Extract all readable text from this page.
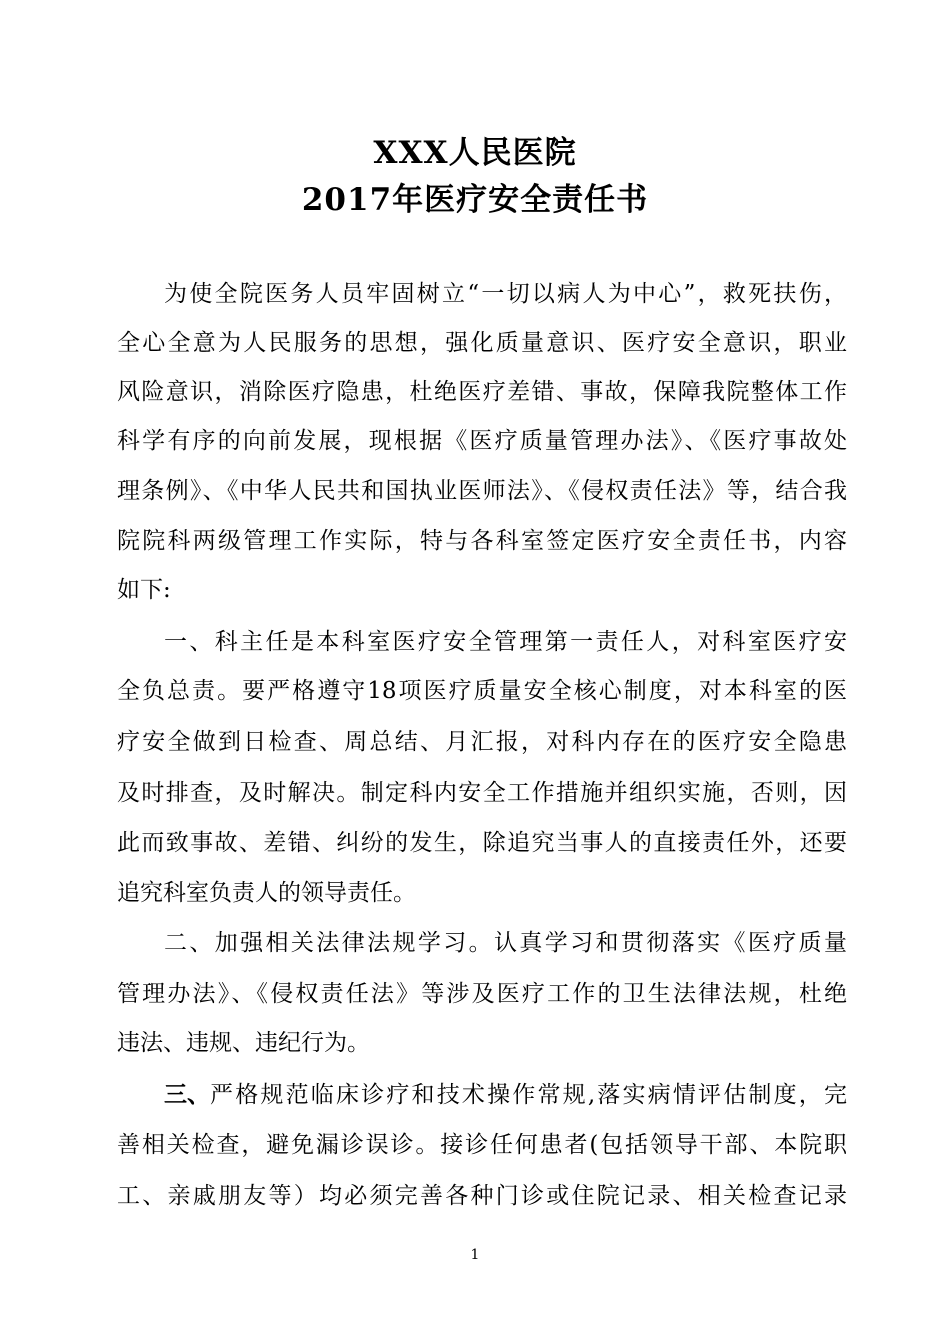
XXX人民医院
2017年医疗安全责任书
为使全院医务人员牢固树立“一切以病人为中心”，救死扶伤，
全心全意为人民服务的思想，强化质量意识、医疗安全意识，职业
风险意识，消除医疗隐患，杜绝医疗差错、事故，保障我院整体工作
科学有序的向前发展，现根据《医疗质量管理办法》、《医疗事故处
理条例》、《中华人民共和国执业医师法》、《侵权责任法》等，结合我
院院科两级管理工作实际，特与各科室签定医疗安全责任书，内容
如下:
一、科主任是本科室医疗安全管理第一责任人，对科室医疗安
全负总责。要严格遵守18项医疗质量安全核心制度，对本科室的医
疗安全做到日检查、周总结、月汇报，对科内存在的医疗安全隐患
及时排查，及时解决。制定科内安全工作措施并组织实施，否则，因
此而致事故、差错、纠纷的发生，除追究当事人的直接责任外，还要
追究科室负责人的领导责任。
二、加强相关法律法规学习。认真学习和贯彻落实《医疗质量
管理办法》、《侵权责任法》等涉及医疗工作的卫生法律法规，杜绝
违法、违规、违纪行为。
三、 严格规范临床诊疗和技术操作常规,落实病情评估制度，完
善相关检查，避免漏诊误诊。接诊任何患者(包括领导干部、本院职
工、亲戚朋友等）均必须完善各种门诊或住院记录、相关检查记录
1
